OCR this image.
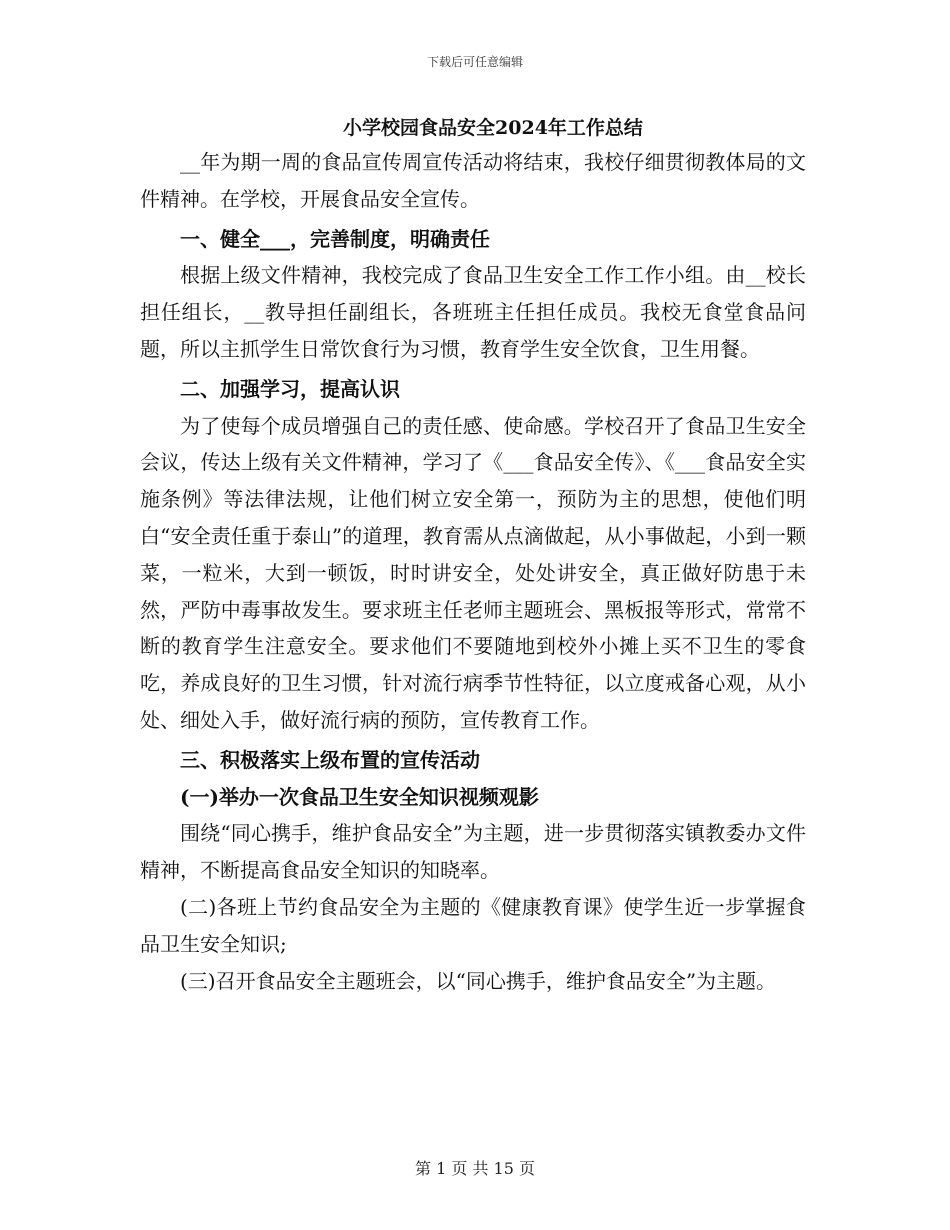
下载后可任意编辑
小学校园食品安全2024年工作总结

__年为期一周的食品宣传周宣传活动将结束，我校仔细贯彻教体局的文件精神。在学校，开展食品安全宣传。

一、健全___，完善制度，明确责任

根据上级文件精神，我校完成了食品卫生安全工作工作小组。由__校长担任组长，__教导担任副组长，各班班主任担任成员。我校无食堂食品问题，所以主抓学生日常饮食行为习惯，教育学生安全饮食，卫生用餐。

二、加强学习，提高认识

为了使每个成员增强自己的责任感、使命感。学校召开了食品卫生安全会议，传达上级有关文件精神，学习了《___食品安全传》、《___食品安全实施条例》等法律法规，让他们树立安全第一，预防为主的思想，使他们明白“安全责任重于泰山”的道理，教育需从点滴做起，从小事做起，小到一颗菜，一粒米，大到一顿饭，时时讲安全，处处讲安全，真正做好防患于未然，严防中毒事故发生。要求班主任老师主题班会、黑板报等形式，常常不断的教育学生注意安全。要求他们不要随地到校外小摊上买不卫生的零食吃，养成良好的卫生习惯，针对流行病季节性特征，以立度戒备心观，从小处、细处入手，做好流行病的预防，宣传教育工作。

三、积极落实上级布置的宣传活动

(一)举办一次食品卫生安全知识视频观影

围绕“同心携手，维护食品安全”为主题，进一步贯彻落实镇教委办文件精神，不断提高食品安全知识的知晓率。

(二)各班上节约食品安全为主题的《健康教育课》使学生近一步掌握食品卫生安全知识;

(三)召开食品安全主题班会，以“同心携手，维护食品安全”为主题。

第 1 页 共 15 页
